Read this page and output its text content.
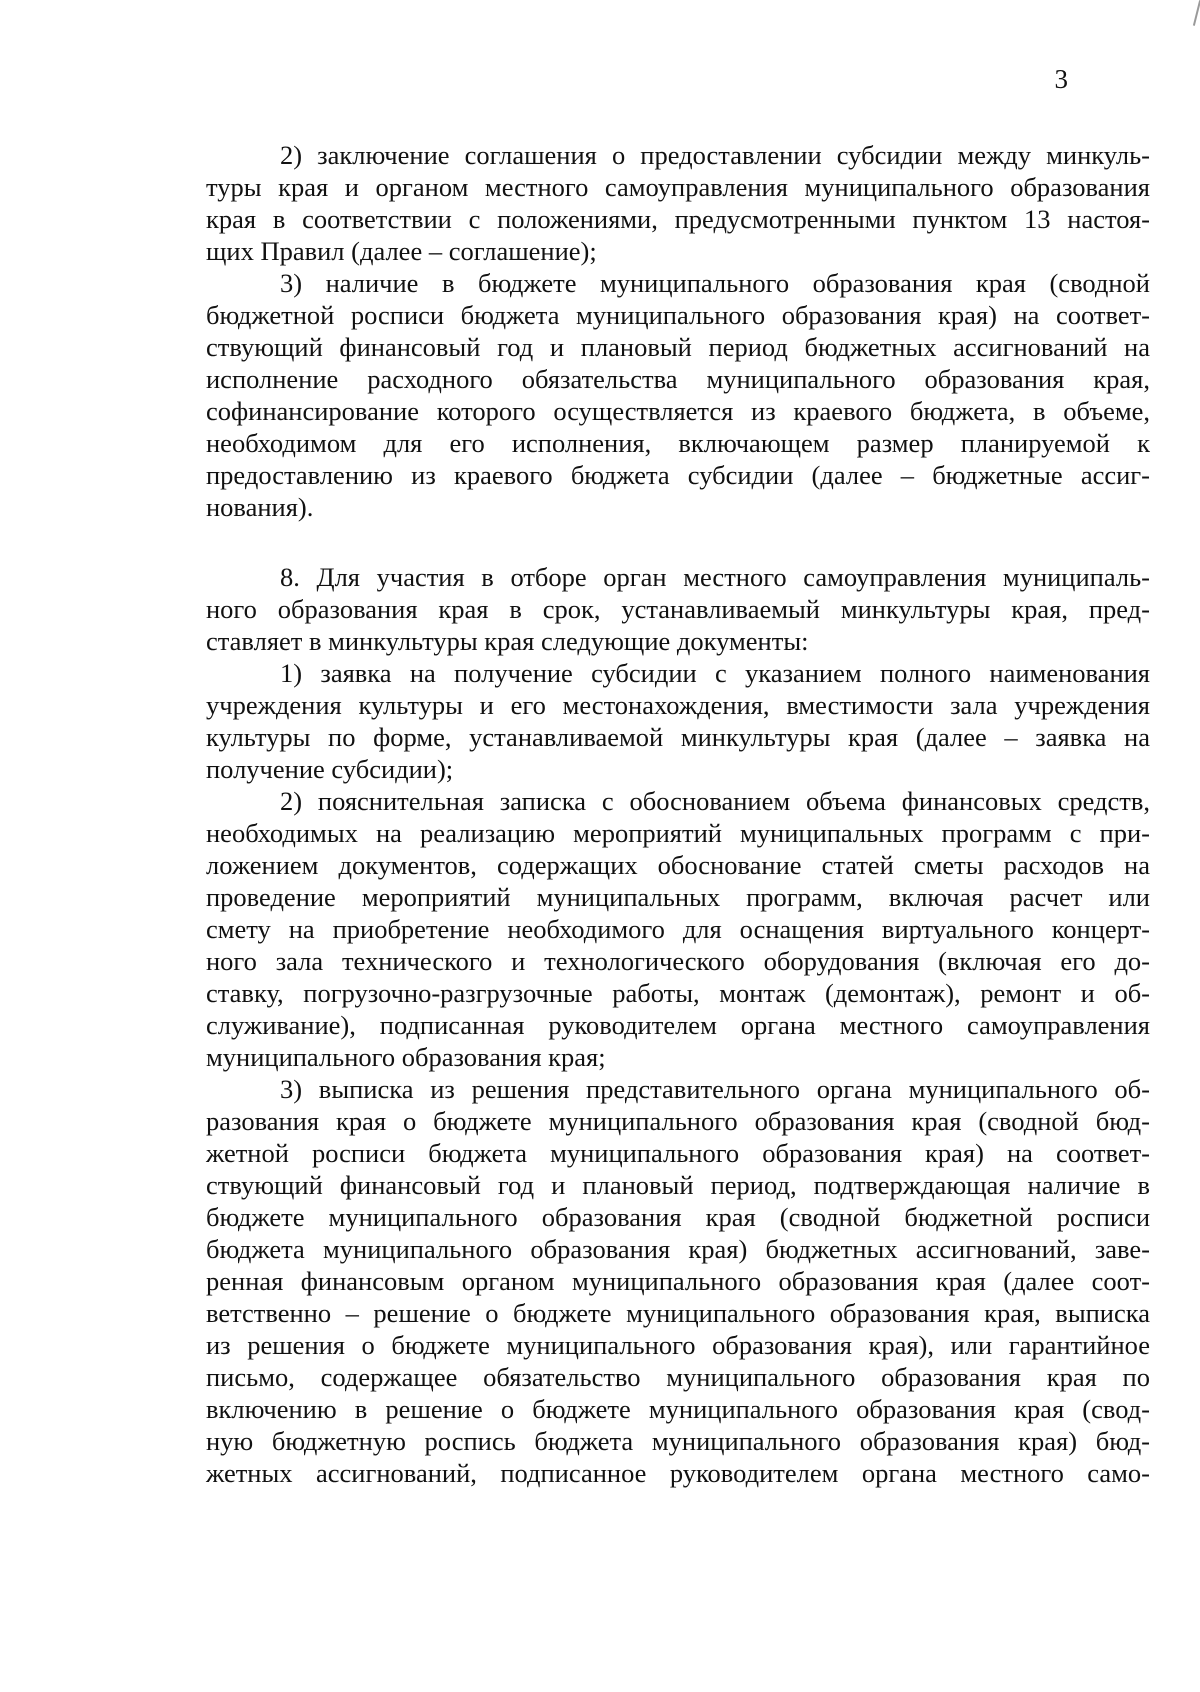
3
2) заключение соглашения о предоставлении субсидии между минкуль-
туры края и органом местного самоуправления муниципального образования
края в соответствии с положениями, предусмотренными пунктом 13 настоя-
щих Правил (далее – соглашение);
3) наличие в бюджете муниципального образования края (сводной
бюджетной росписи бюджета муниципального образования края) на соответ-
ствующий финансовый год и плановый период бюджетных ассигнований на
исполнение расходного обязательства муниципального образования края,
софинансирование которого осуществляется из краевого бюджета, в объеме,
необходимом для его исполнения, включающем размер планируемой к
предоставлению из краевого бюджета субсидии (далее – бюджетные ассиг-
нования).
8. Для участия в отборе орган местного самоуправления муниципаль-
ного образования края в срок, устанавливаемый минкультуры края, пред-
ставляет в минкультуры края следующие документы:
1) заявка на получение субсидии с указанием полного наименования
учреждения культуры и его местонахождения, вместимости зала учреждения
культуры по форме, устанавливаемой минкультуры края (далее – заявка на
получение субсидии);
2) пояснительная записка с обоснованием объема финансовых средств,
необходимых на реализацию мероприятий муниципальных программ с при-
ложением документов, содержащих обоснование статей сметы расходов на
проведение мероприятий муниципальных программ, включая расчет или
смету на приобретение необходимого для оснащения виртуального концерт-
ного зала технического и технологического оборудования (включая его до-
ставку, погрузочно-разгрузочные работы, монтаж (демонтаж), ремонт и об-
служивание), подписанная руководителем органа местного самоуправления
муниципального образования края;
3) выписка из решения представительного органа муниципального об-
разования края о бюджете муниципального образования края (сводной бюд-
жетной росписи бюджета муниципального образования края) на соответ-
ствующий финансовый год и плановый период, подтверждающая наличие в
бюджете муниципального образования края (сводной бюджетной росписи
бюджета муниципального образования края) бюджетных ассигнований, заве-
ренная финансовым органом муниципального образования края (далее соот-
ветственно – решение о бюджете муниципального образования края, выписка
из решения о бюджете муниципального образования края), или гарантийное
письмо, содержащее обязательство муниципального образования края по
включению в решение о бюджете муниципального образования края (свод-
ную бюджетную роспись бюджета муниципального образования края) бюд-
жетных ассигнований, подписанное руководителем органа местного само-
